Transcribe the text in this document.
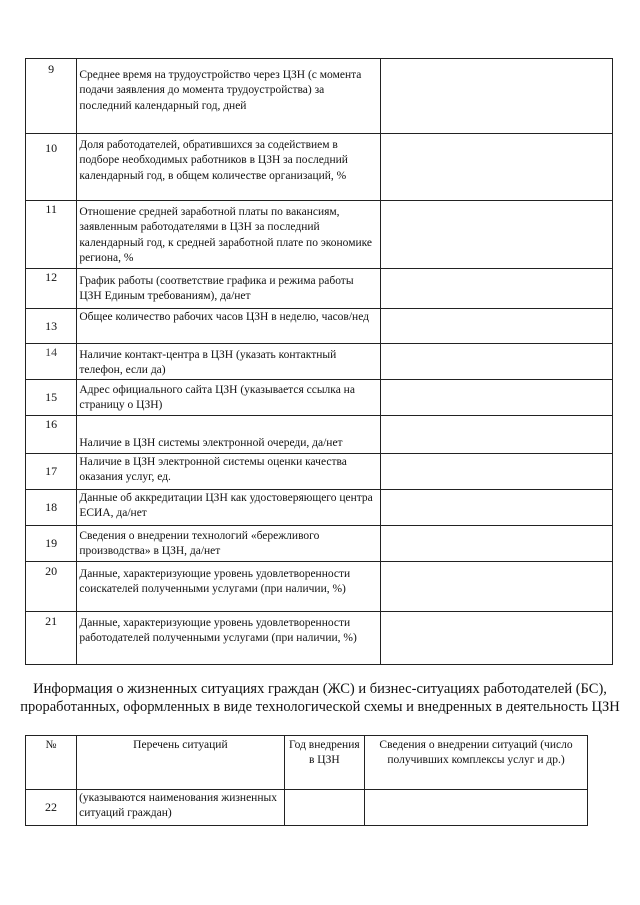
9	Среднее время на трудоустройство через ЦЗН (с момента подачи заявления до момента трудоустройства) за последний календарный год, дней	
10	Доля работодателей, обратившихся за содействием в подборе необходимых работников в ЦЗН за последний календарный год, в общем количестве организаций, %	
11	Отношение средней заработной платы по вакансиям, заявленным работодателями в ЦЗН за последний календарный год, к средней заработной плате по экономике региона, %	
12	График работы (соответствие графика и режима работы ЦЗН Единым требованиям), да/нет	
13	Общее количество рабочих часов ЦЗН в неделю, часов/нед	
14	Наличие контакт-центра в ЦЗН (указать контактный телефон, если да)	
15	Адрес официального сайта ЦЗН (указывается ссылка на страницу о ЦЗН)	
16	Наличие в ЦЗН системы электронной очереди, да/нет	
17	Наличие в ЦЗН электронной системы оценки качества оказания услуг, ед.	
18	Данные об аккредитации ЦЗН как удостоверяющего центра ЕСИА, да/нет	
19	Сведения о внедрении технологий «бережливого производства» в ЦЗН, да/нет	
20	Данные, характеризующие уровень удовлетворенности соискателей полученными услугами (при наличии, %)	
21	Данные, характеризующие уровень удовлетворенности работодателей полученными услугами (при наличии, %)	
Информация о жизненных ситуациях граждан (ЖС) и бизнес-ситуациях работодателей (БС), проработанных, оформленных в виде технологической схемы и внедренных в деятельность ЦЗН
№	Перечень ситуаций	Год внедрения в ЦЗН	Сведения о внедрении ситуаций (число получивших комплексы услуг и др.)
22	(указываются наименования жизненных ситуаций граждан)		
